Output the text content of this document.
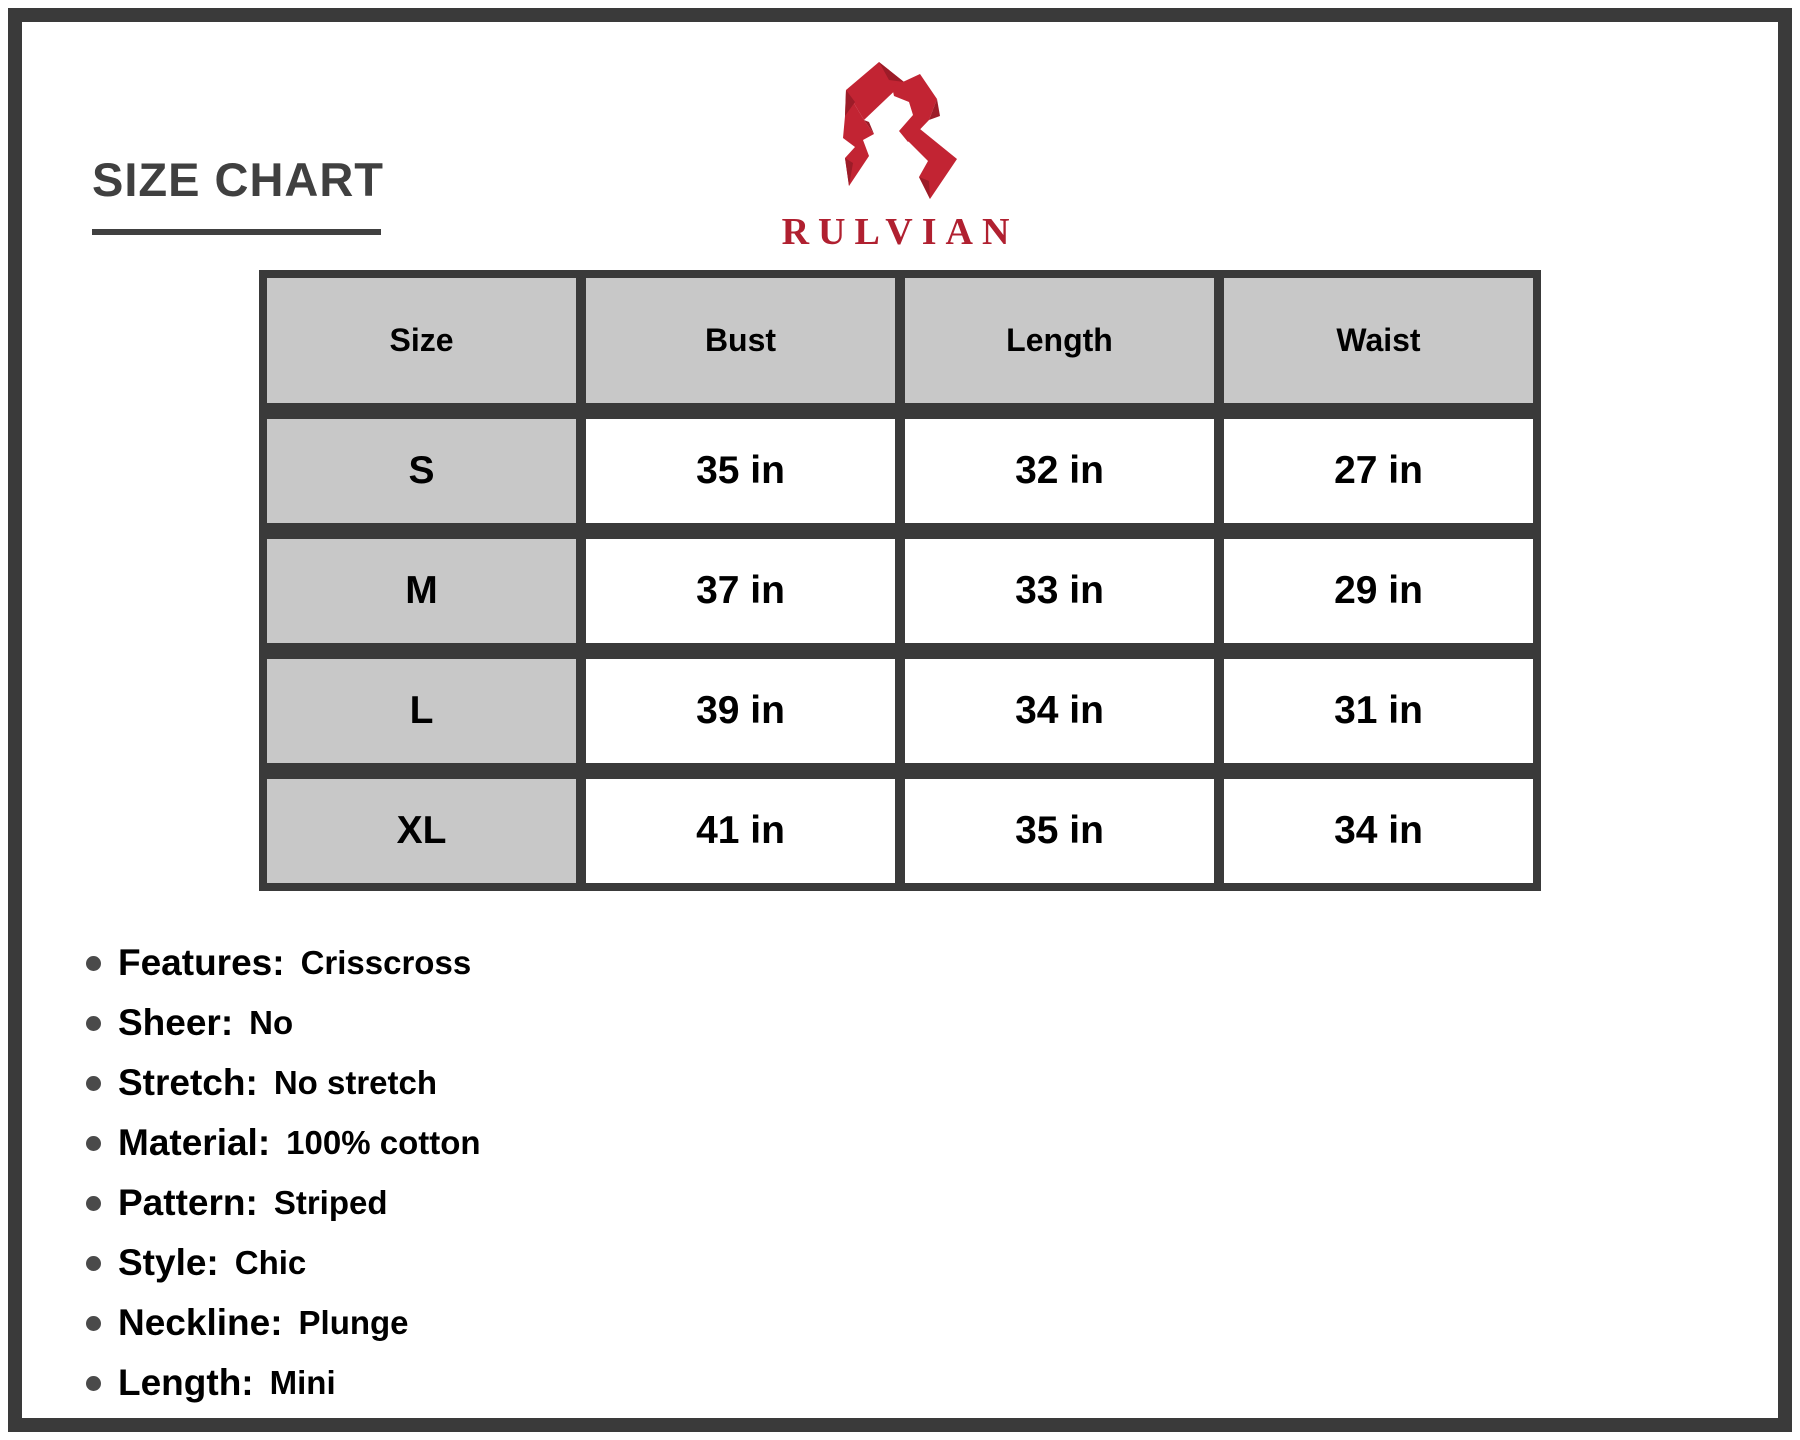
SIZE CHART
RULVIAN
Size	Bust	Length	Waist
S	35 in	32 in	27 in
M	37 in	33 in	29 in
L	39 in	34 in	31 in
XL	41 in	35 in	34 in
Features: Crisscross
Sheer: No
Stretch: No stretch
Material: 100% cotton
Pattern: Striped
Style: Chic
Neckline: Plunge
Length: Mini
